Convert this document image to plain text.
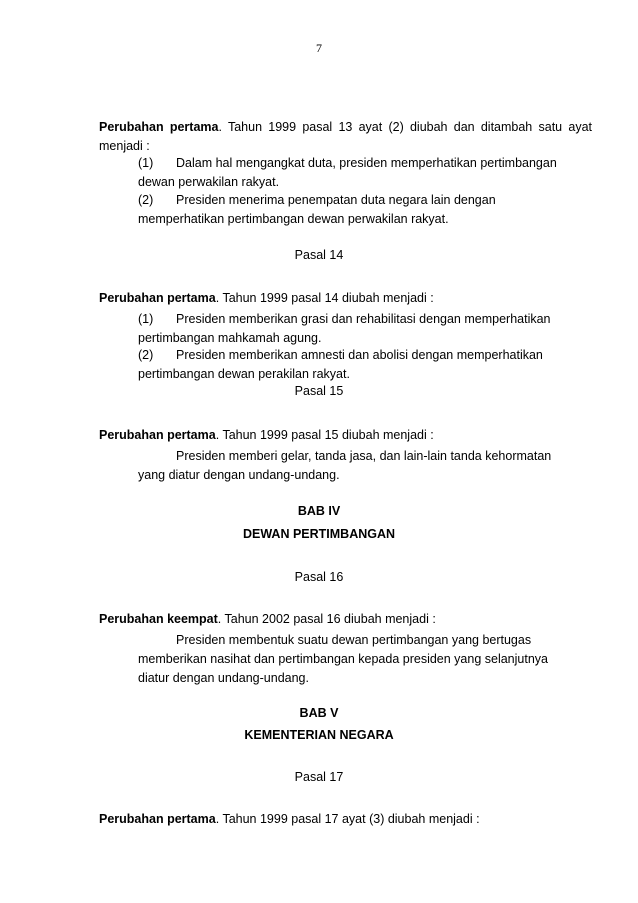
7
Perubahan pertama. Tahun 1999 pasal 13 ayat (2) diubah dan ditambah satu ayat
menjadi :
(1) Dalam hal mengangkat duta, presiden memperhatikan pertimbangan
dewan perwakilan rakyat.
(2) Presiden menerima penempatan duta negara lain dengan
memperhatikan pertimbangan dewan perwakilan rakyat.
Pasal 14
Perubahan pertama. Tahun 1999 pasal 14 diubah menjadi :
(1) Presiden memberikan grasi dan rehabilitasi dengan memperhatikan
pertimbangan mahkamah agung.
(2) Presiden memberikan amnesti dan abolisi dengan memperhatikan
pertimbangan dewan perakilan rakyat.
Pasal 15
Perubahan pertama. Tahun 1999 pasal 15 diubah menjadi :
Presiden memberi gelar, tanda jasa, dan lain-lain tanda kehormatan
yang diatur dengan undang-undang.
BAB IV
DEWAN PERTIMBANGAN
Pasal 16
Perubahan keempat. Tahun 2002 pasal 16 diubah menjadi :
Presiden membentuk suatu dewan pertimbangan yang bertugas
memberikan nasihat dan pertimbangan kepada presiden yang selanjutnya
diatur dengan undang-undang.
BAB V
KEMENTERIAN NEGARA
Pasal 17
Perubahan pertama. Tahun 1999 pasal 17 ayat (3) diubah menjadi :
